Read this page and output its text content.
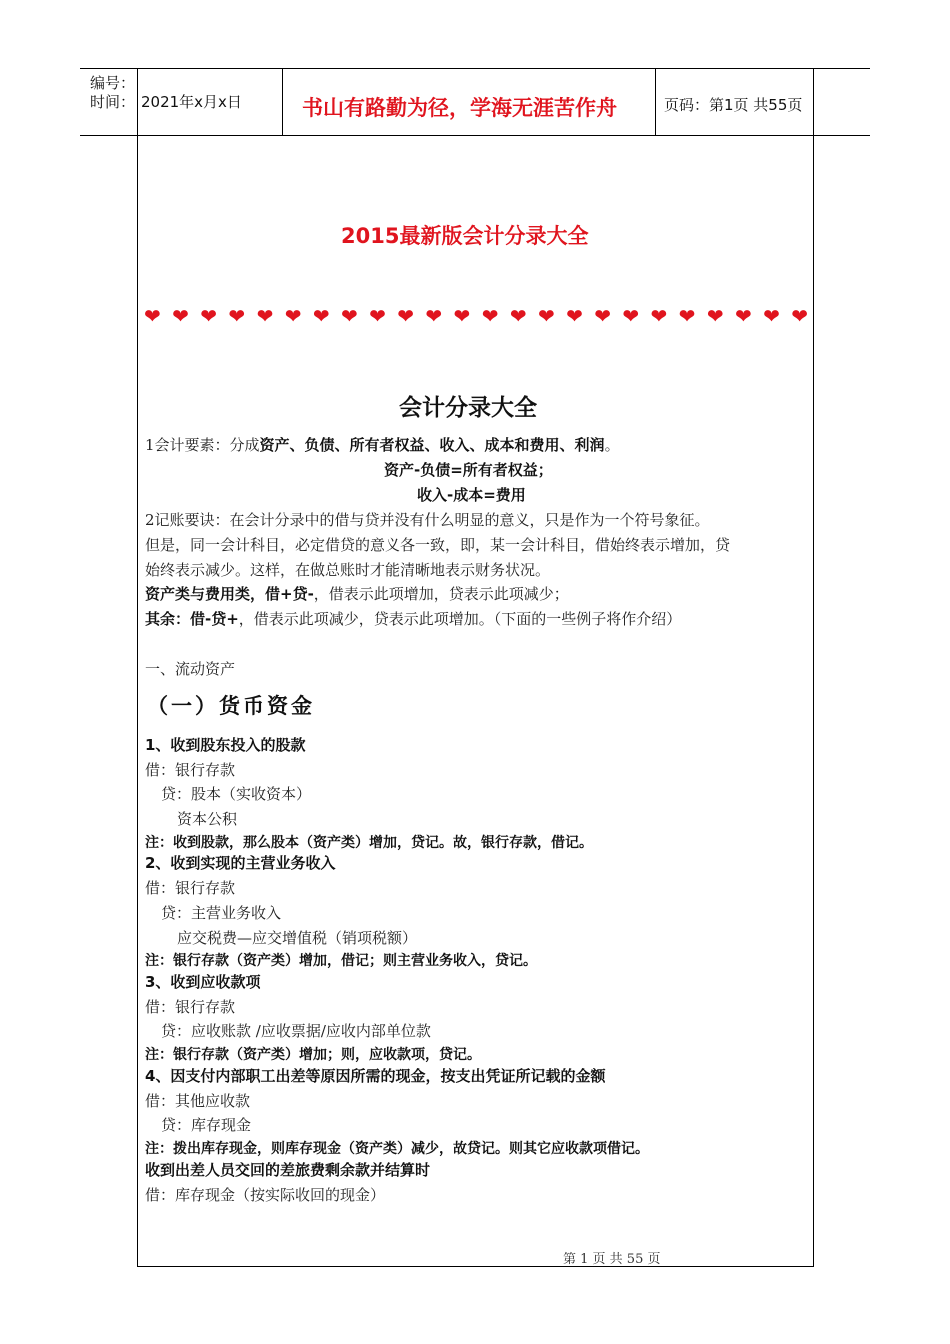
编号：
时间： 2021年x月x日	书山有路勤为径，学海无涯苦作舟	页码：第1页 共55页
2015最新版会计分录大全
❤ ❤ ❤ ❤ ❤ ❤ ❤ ❤ ❤ ❤ ❤ ❤ ❤ ❤ ❤ ❤ ❤ ❤ ❤ ❤ ❤ ❤ ❤ ❤
会计分录大全
1会计要素：分成资产、负债、所有者权益、收入、成本和费用、利润。
资产-负债=所有者权益；
收入-成本=费用
2记账要诀：在会计分录中的借与贷并没有什么明显的意义，只是作为一个符号象征。
但是，同一会计科目，必定借贷的意义各一致，即，某一会计科目，借始终表示增加，贷
始终表示减少。这样，在做总账时才能清晰地表示财务状况。
资产类与费用类，借+贷-，借表示此项增加，贷表示此项减少；
其余：借-贷+，借表示此项减少，贷表示此项增加。（下面的一些例子将作介绍）
一、流动资产
（一）货币资金
1、收到股东投入的股款
借：银行存款
贷：股本（实收资本）
资本公积
注：收到股款，那么股本（资产类）增加，贷记。故，银行存款，借记。
2、收到实现的主营业务收入
借：银行存款
贷：主营业务收入
应交税费—应交增值税（销项税额）
注：银行存款（资产类）增加，借记；则主营业务收入，贷记。
3、收到应收款项
借：银行存款
贷：应收账款 /应收票据/应收内部单位款
注：银行存款（资产类）增加；则，应收款项，贷记。
4、因支付内部职工出差等原因所需的现金，按支出凭证所记载的金额
借：其他应收款
贷：库存现金
注：拨出库存现金，则库存现金（资产类）减少，故贷记。则其它应收款项借记。
收到出差人员交回的差旅费剩余款并结算时
借：库存现金（按实际收回的现金）
第 1 页 共 55 页
